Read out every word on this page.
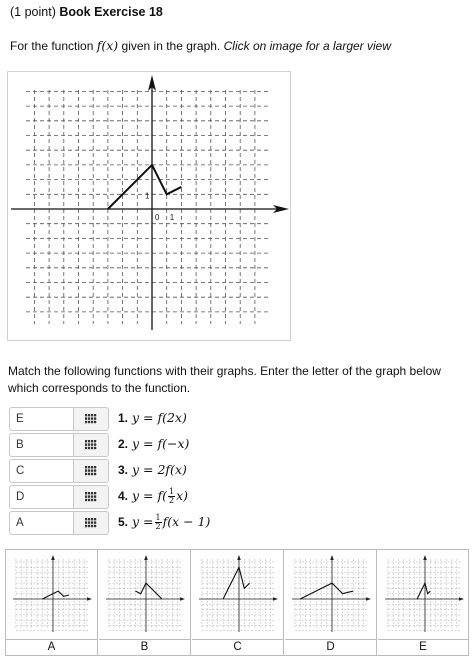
(1 point) Book Exercise 18
For the function f(x) given in the graph. Click on image for a larger view
0 1
1
Match the following functions with their graphs. Enter the letter of the graph below which corresponds to the function.
E
1. y = f(2x)
B
2. y = f(−x)
C
3. y = 2f(x)
D
4. $y = f( \frac{1}{2} x)$
A
5. $y = \frac{1}{2} f(x - 1)$
A	B	C	D	E
